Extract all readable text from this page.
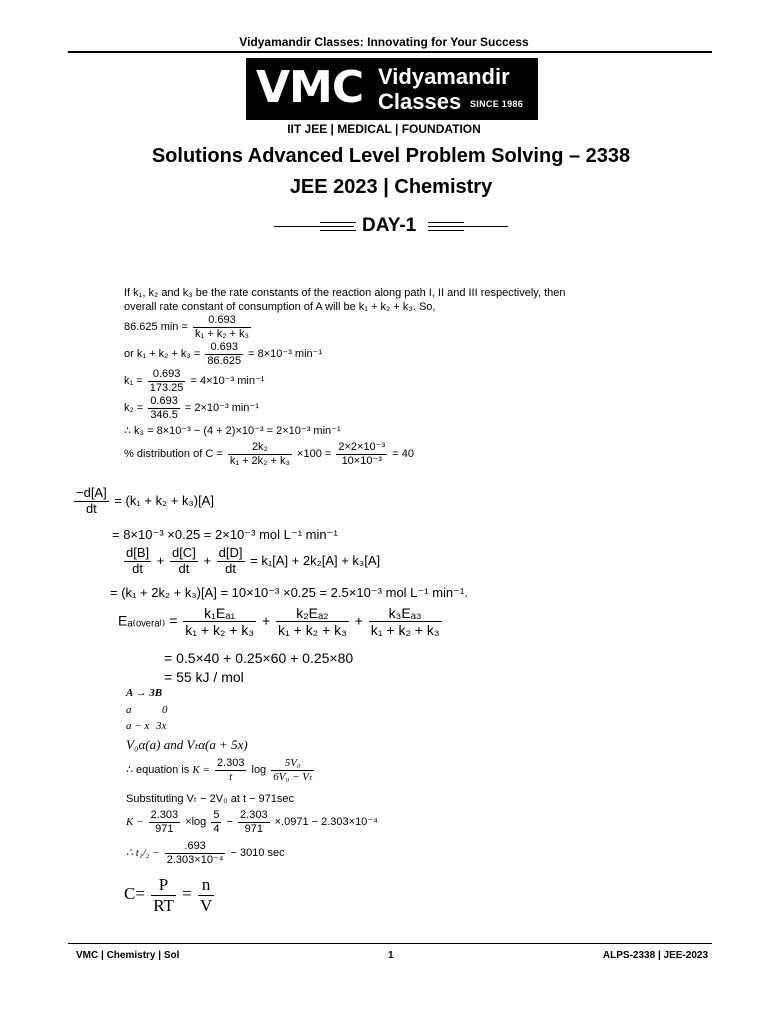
Vidyamandir Classes: Innovating for Your Success
VMC Vidyamandir
Classes SINCE 1986
IIT JEE | MEDICAL | FOUNDATION
Solutions Advanced Level Problem Solving – 2338
JEE 2023 | Chemistry
DAY-1
If k₁, k₂ and k₃ be the rate constants of the reaction along path I, II and III respectively, then
overall rate constant of consumption of A will be k₁ + k₂ + k₃. So,
86.625 $\min = \frac{0.693}{\text{k₁ + k₂ + k₃}}$
or $k_1 + k_2 + k_3 = \frac{0.693}{86.625} = 8\times 10^{-3}$ min⁻¹
$k_1 = \frac{0.693}{173.25} = 4\times 10^{-3}$ min⁻¹
$k_2 = \frac{0.693}{346.5} = 2\times 10^{-3}$ min⁻¹
∴ k₃ = 8×10⁻³ − (4 + 2)×10⁻³ = 2×10⁻³ min⁻¹
% distribution of $C = \frac{\text{2k₂}}{\text{k₁ + 2k₂ + k₃}} \times 100 = \frac{\text{2×2×10⁻³}}{\text{10×10⁻³}} = 40$
$\frac{-d[A]}{dt} = (k_1 + k_2 + k_3)[A]$
= 8×10⁻³ ×0.25 = 2×10⁻³ mol L⁻¹ min⁻¹
$\frac{d[B]}{dt} + \frac{d[C]}{dt} + \frac{d[D]}{dt} = k_1[A] + 2k_2[A] + k_3[A]$
= (k₁ + 2k₂ + k₃)[A] = 10×10⁻³ ×0.25 = 2.5×10⁻³ mol L⁻¹ min⁻¹.
Eₐ₍ₒᵥₑᵣₐₗ₎ = $\frac{\text{k₁Eₐ₁}}{\text{k₁ + k₂ + k₃}} + \frac{\text{k₂Eₐ₂}}{\text{k₁ + k₂ + k₃}} + \frac{\text{k₃Eₐ₃}}{\text{k₁ + k₂ + k₃}}$
= 0.5×40 + 0.25×60 + 0.25×80
= 55 kJ / mol
A → 3B
a	0
a − x 3x
V₀α(a) and Vₜα(a + 5x)
∴ equation is $K = \frac{2.303}{t}$ $\log \frac{\text{5V₀}}{\text{6V₀ − Vₜ}}$
Substituting Vₜ − 2V₀ at t − 971sec
$K - \frac{2.303}{971} \times\log \frac{5}{4} - \frac{2.303}{971} \times.0971 - 2.303\times 10^{-4}$
∴ $t_1/_2 - \frac{.693}{\text{2.303×10⁻⁴}} - 3010$ sec
$C= \frac{P}{RT} = \frac{n}{V}$
VMC | Chemistry | Sol	1	ALPS-2338 | JEE-2023
